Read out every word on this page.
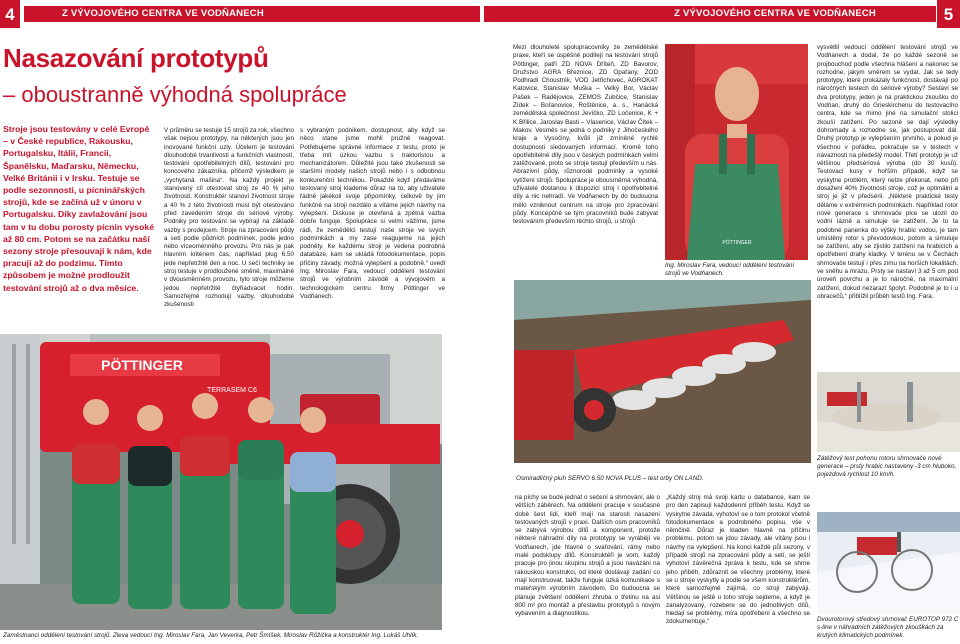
4	Z VÝVOJOVÉHO CENTRA VE VODŇANECH	Z VÝVOJOVÉHO CENTRA VE VODŇANECH	5
Nasazování prototypů
– oboustranně výhodná spolupráce
Stroje jsou testovány v celé Evropě – v České republice, Rakousku, Portugalsku, Itálii, Francii, Španělsku, Maďarsku, Německu, Velké Británii i v Irsku. Testuje se podle sezonnosti, u pícninářských strojů, kde se začíná už v únoru v Portugalsku. Díky zavlažování jsou tam v tu dobu porosty pícnin vysoké až 80 cm. Potom se na začátku naší sezony stroje přesouvají k nám, kde pracují až do podzimu. Tímto způsobem je možné prodloužit testování strojů až o dva měsíce.
V průměru se testuje 15 strojů za rok, všechno však nejsou prototypy, na některých jsou jen inovované funkční uzly. Účelem je testování dlouhodobé trvanlivosti a funkčních vlastností, testování opotřebitelných dílů, testování pro koncového zákazníka, přičemž výsledkem je „vychytaná mašina“. Na každý projekt je stanovený cíl otestovat stroj ze 40 % jeho životnosti. Konstruktér stanoví životnost stroje a 40 % z této životnosti musí být otestováno před zavedením stroje do sériové výroby. Podniky pro testování se vybírají na základě vazby s prodejcem. Stroje na zpracování půdy a setí podle půdních podmínek, podle jedno nebo víceoménného provozu. Pro nás je pak hlavním kritériem čas, například plug 6.50 jede nepřetržitě den a noc. U sečí techniky se stroj testuje v prodloužené směně, maximálně v dvousměnném provozu, tyto stroje můžeme jedou nepřetržitě čtyřiadvacet hodin. Samozřejmě rozhodují vazby, dlouhodobé zkušenosti
s vybraným podnikem, dostupnost, aby když se něco stane jsme mohli pružně reagovat. Potřebujeme správné informace z testu, proto je třeba mít úzkou vazbu s traktoristou a mechanizátorem. Důležité jsou také zkušenosti se staršími modely našich strojů nebo i s odbobnou konkurenční technikou. Pokaždé když předáváme testovaný stroj klademe důraz na to, aby uživatelé řádně jakékoli svoje připomínky, celkově by jim funkčně na stroji nezdálo a vítáme jejich návrhy na vylepšení. Diskuse je otevřená a zpětná vazba dobře funguje. Spolupráce si velmi vážíme, jsme rádi, že zemědělci testují naše stroje ve svých podmínkách a my zase reagujeme na jejich podněty. Ke každému stroji je vedena podrobná databáze, kam se ukládá fotodokumentace, popis příčiny závady, možná vylepšení a podobně,“ uvedl Ing. Miroslav Fara, vedoucí oddělení testování strojů ve výrobním závodě a vývojovém a technologickém centru firmy Pöttinger ve Vodňanech.
Mezi dlouholeté spolupracovníky ze zemědělské praxe, kteří se úspěšně podílejí na testování strojů Pöttinger, patří ZD NOVA Dříteň, ZD Bavorov, Družstvo AGRA Březnice, ZD Opařany, ZOD Podhradí Choustník, VOD Jetřichovec, AGROKAT Katovice, Stanislav Muška – Velký Bor, Václav Pašek – Radějovice, ZEMOS Zubčice, Stanislav Zídek – Bořanovice, Roštěnice, a. s., Hanácká zemědělská společnost Jevíčko, ZD Ločenice, K + K Břilice, Jaroslav Basti – Vlasenice, Václav Čítek – Makov. Vesměs se jedná o podniky z Jihočeského kraje a Vysočiny, kvůli již zmíněné rychlé dostupnosti sledovaných informací. Kromě toho opotřebitelné díly jsou v českých podmínkách velmi zatěžované, proto se stroje testují především u nás. Abrazivní půdy, různorodé podmínky a vysoké vytížení strojů. Spolupráce je obousměrná výhodná, uživatelé dostanou k dispozici stroj i opotřebitelné díly a nic nehradí. Ve Vodňanech by do budoucna mělo vzniknout centrum na stroje pro zpracování půdy. Koncepčně se tým pracovníků bude zabývat testováním především těchto strojů, u strojů
vysvětlil vedoucí oddělení testování strojů ve Vodňanech a dodal, že po každé sezoně se projbouchod podle všechna hlášení a nakonec se rozhodne, jakým směrem se vydat. Jak se tedy prototypy, které prokázaly funkčnost, dostávají po náročných testech do sériové výroby? Sestaví se dva prototypy, jeden je na praktickou zkoušku do Vodňan, druhý do Grieskirchenu do testovacího centra, kde se mimo jiné na simulační stolici zkouší zatížení. Po sezoně se dají výsledky dohromady a rozhodne se, jak postupovat dál. Druhý prototyp je vylepšením prvního, a pokud je všechno v pořádku, pokračuje se v testech v návaznosti na předešlý model. Třetí prototyp je už většinou předsériová výroba (do 30 kusů). Testovací kusy v hořším případě, když se vyskytne problém, který nelze překonat, nebo při dosažení 40% životnosti stroje, což je optimální a stroj je již v předsérii. „Některé praktické testy děláme v extrémních podmínkách. Například rotor nové generace s shrnovače plce se ulozil do vodní lázně a simuluje se zatížení. Je to ta podobné panenka do výšky hrabic vodou, je tam umístěný rotor s převodovkou, potom a simuluje se zatížení, aby se zjistilo zatížení na hrabicích a opotřebení drahy kladky. V terénu se v Čechách shrnovače testují i přes zimu na horších lokalitách, ve sněhu a mrazu. Prsty se nastaví 3 až 5 cm pod úroveň povrchu a je to náročné, na maximální zatížení, dokud nezarazí špolyt. Podobně je to i u obracečů,“ přiblížil průběh testů Ing. Fara.
na píchy se bude jednat o sečení a shrnování, ale o větších záběrech. Na oddělení pracuje v současné době šest lidí, kteří mají na starosti nasazení testovaných strojů v praxi. Dalších osm pracovníků se zabývá výrobou dílů a komponent, protože některé náhradní díly na prototypy se vyrábějí ve Vodňanech, jde hlavně o svařování, rámy nebo malé podsklupy dílů. Konstruktéři je vom, každý pracuje pro jinou skupinu strojů a jsou navázáni na rakouskou konstrukci, od které dostávají zadání co mají konstruovat, takže funguje úzká komunikace s mateřským výrobním závodem. Do budoucna se plánuje zvětšení oddělení zhruba o třetinu na asi 800 m² pro montáž a přestavbu prototypů s novým vybavením a diagnostikou.
„Každý stroj má svoji kartu u databance, kam se pro den zapisují každodenní příběh testu. Když se vyskytne závada, vyhotoví se o tom protokol včetně fotodokumentace a podrobného popisu, vše v němčině. Důraz je kladen hlavně na příčinu problému, potom se jdou závady, ale vítány jsou i návrhy na vylepšení. Na konci každé půl sezony, v případě strojů na zpracování půdy a setí, se ještí vyhotoví závěrečná zpráva k testu, kde se shrne jeho přiběh, zdůraznit se všechny problémy, které se u stroje vyskytly a podle se všem konstruktérům, které samozřejmě zajímá, co stroji zabýváji. Většinou se ještě u toho stroje sejdeme, a když je zanalyzovaný, rozebere se do jednotlivých dílů, hledají se problémy, míra opotřebení a všechno se zdokumentuje,“
PÖTTINGER
TERRASEM C6
Zaměstnanci oddělení testování strojů. Zleva vedoucí Ing. Miroslav Fara, Jan Veverka, Petr Šmíšek, Miroslav Růžička a konstruktér Ing. Lukáš Uhlík.
PÖTTINGER
Ing. Miroslav Fara, vedoucí oddělení testování strojů ve Vodňanech.
Osmiradličný pluh SERVO 6.50 NOVA PLUS – test orby ON LAND.
Zátěžový test pohonu rotoru shrnovače nové generace – prsty hrabic nastaveny -3 cm hluboko, pojezdová rychlost 10 km/h.
Dvourotorový středový shrnovač EUROTOP 972 C s-line v náhradních zátěžových zkouškách za krutých klimatických podmínek.
